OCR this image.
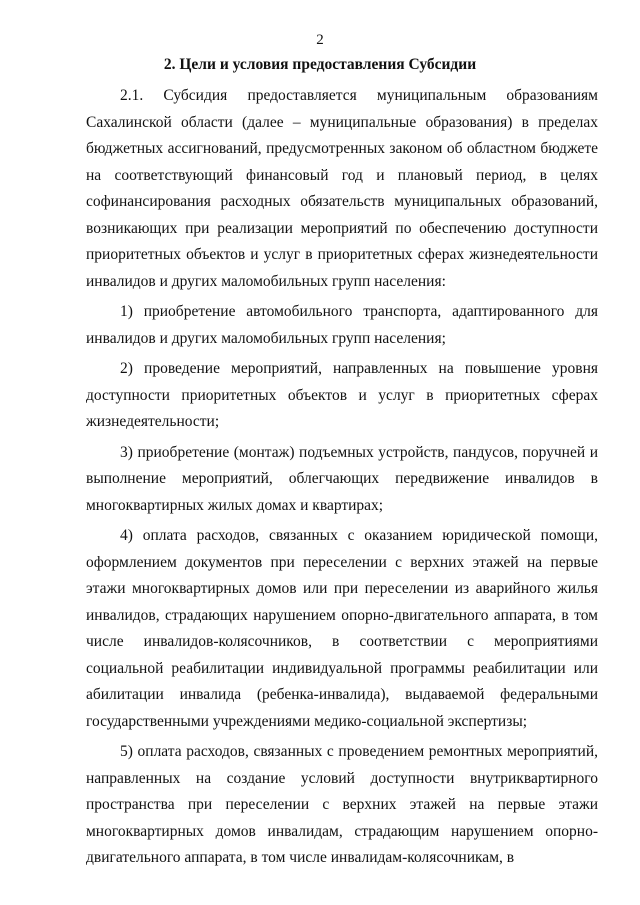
2
2. Цели и условия предоставления Субсидии

2.1. Субсидия предоставляется муниципальным образованиям Сахалинской области (далее – муниципальные образования) в пределах бюджетных ассигнований, предусмотренных законом об областном бюджете на соответствующий финансовый год и плановый период, в целях софинансирования расходных обязательств муниципальных образований, возникающих при реализации мероприятий по обеспечению доступности приоритетных объектов и услуг в приоритетных сферах жизнедеятельности инвалидов и других маломобильных групп населения:

1) приобретение автомобильного транспорта, адаптированного для инвалидов и других маломобильных групп населения;

2) проведение мероприятий, направленных на повышение уровня доступности приоритетных объектов и услуг в приоритетных сферах жизнедеятельности;

3) приобретение (монтаж) подъемных устройств, пандусов, поручней и выполнение мероприятий, облегчающих передвижение инвалидов в многоквартирных жилых домах и квартирах;

4) оплата расходов, связанных с оказанием юридической помощи, оформлением документов при переселении с верхних этажей на первые этажи многоквартирных домов или при переселении из аварийного жилья инвалидов, страдающих нарушением опорно-двигательного аппарата, в том числе инвалидов-колясочников, в соответствии с мероприятиями социальной реабилитации индивидуальной программы реабилитации или абилитации инвалида (ребенка-инвалида), выдаваемой федеральными государственными учреждениями медико-социальной экспертизы;

5) оплата расходов, связанных с проведением ремонтных мероприятий, направленных на создание условий доступности внутриквартирного пространства при переселении с верхних этажей на первые этажи многоквартирных домов инвалидам, страдающим нарушением опорно-двигательного аппарата, в том числе инвалидам-колясочникам, в
